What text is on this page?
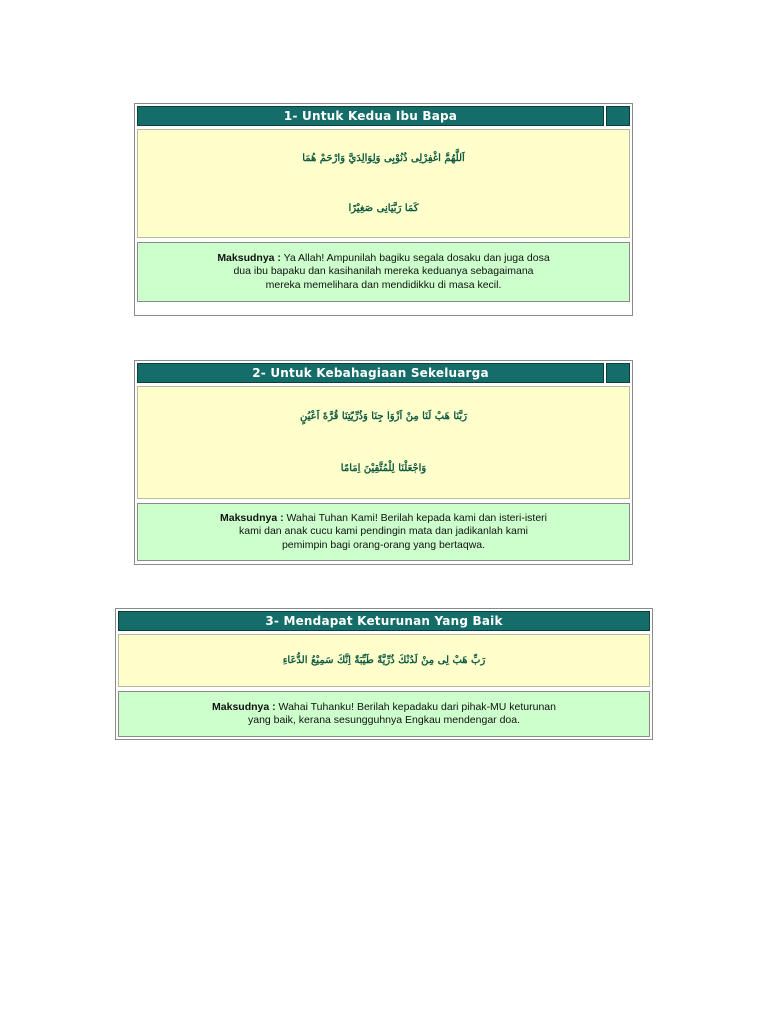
1- Untuk Kedua Ibu Bapa
اَللَّهُمَّ اغْفِرْلِى ذُنُوْبِى وَلِوَالِدَيَّ وَارْحَمْ هُمَا
كَمَا رَبَّيَانِى صَغِيْرًا
Maksudnya : Ya Allah! Ampunilah bagiku segala dosaku dan juga dosa
dua ibu bapaku dan kasihanilah mereka keduanya sebagaimana
mereka memelihara dan mendidikku di masa kecil.
2- Untuk Kebahagiaan Sekeluarga
رَبَّنَا هَبْ لَنَا مِنْ اَزْوَا جِنَا وَذُرِّيّتِنَا قُرَّةَ اَعْيُنٍ
وَاجْعَلْنَا لِلْمُتَّقِيْنَ اِمَامًا
Maksudnya : Wahai Tuhan Kami! Berilah kepada kami dan isteri-isteri
kami dan anak cucu kami pendingin mata dan jadikanlah kami
pemimpin bagi orang-orang yang bertaqwa.
3- Mendapat Keturunan Yang Baik
رَبِّ هَبْ لِى مِنْ لَدُنْكَ ذُرِّيَّةً طَيِّبَةً اِنَّكَ سَمِيْعُ الدُّعَاءِ
Maksudnya : Wahai Tuhanku! Berilah kepadaku dari pihak-MU keturunan
yang baik, kerana sesungguhnya Engkau mendengar doa.
